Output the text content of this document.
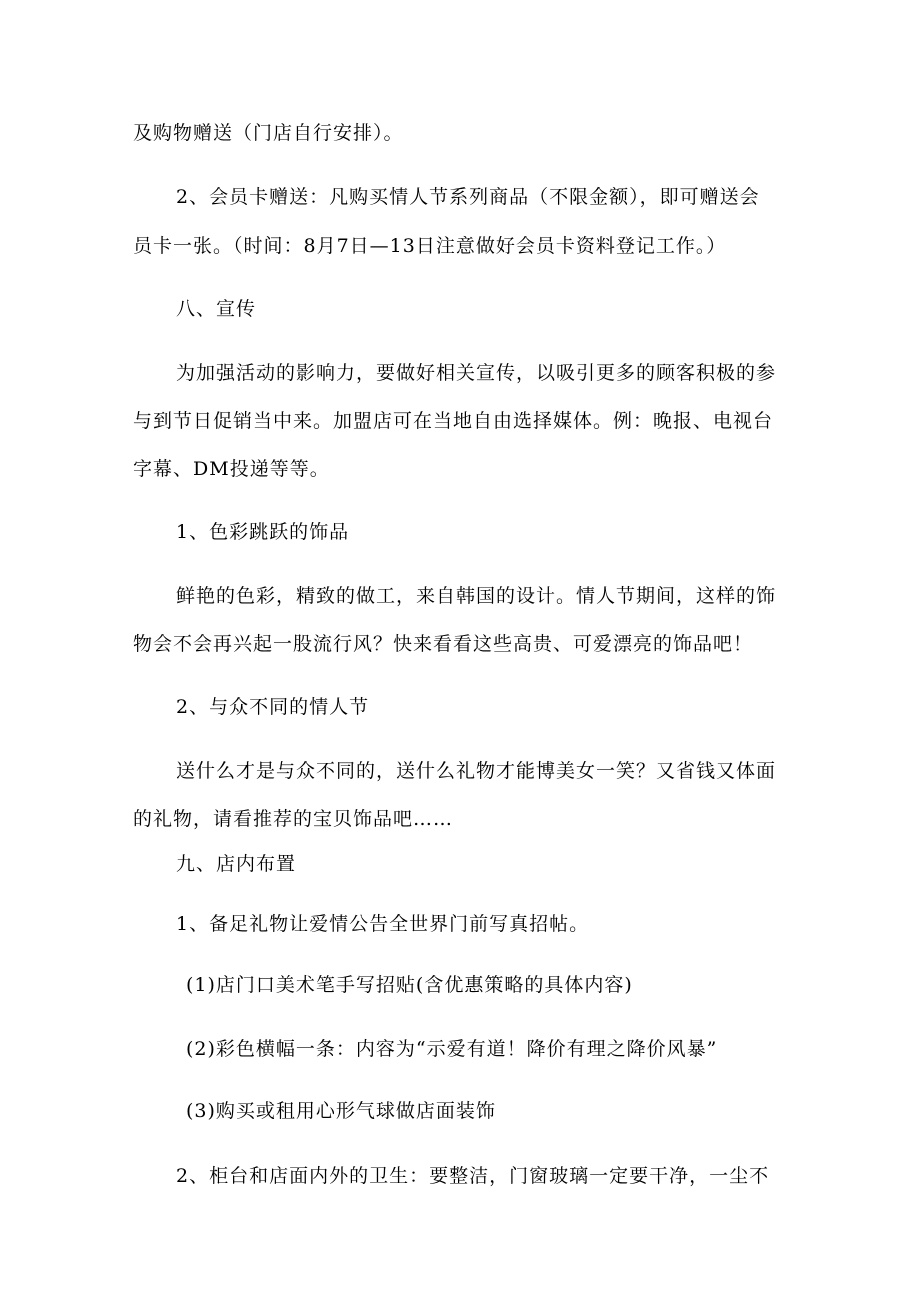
及购物赠送（门店自行安排）。
2、会员卡赠送：凡购买情人节系列商品（不限金额），即可赠送会
员卡一张。（时间：8月7日—13日注意做好会员卡资料登记工作。）
八、宣传
为加强活动的影响力，要做好相关宣传，以吸引更多的顾客积极的参
与到节日促销当中来。加盟店可在当地自由选择媒体。例：晚报、电视台
字幕、DM投递等等。
1、色彩跳跃的饰品
鲜艳的色彩，精致的做工，来自韩国的设计。情人节期间，这样的饰
物会不会再兴起一股流行风？快来看看这些高贵、可爱漂亮的饰品吧！
2、与众不同的情人节
送什么才是与众不同的，送什么礼物才能博美女一笑？又省钱又体面
的礼物，请看推荐的宝贝饰品吧……
九、店内布置
1、备足礼物让爱情公告全世界门前写真招帖。
(1)店门口美术笔手写招贴(含优惠策略的具体内容)
(2)彩色横幅一条：内容为“示爱有道！降价有理之降价风暴”
(3)购买或租用心形气球做店面装饰
2、柜台和店面内外的卫生：要整洁，门窗玻璃一定要干净，一尘不
